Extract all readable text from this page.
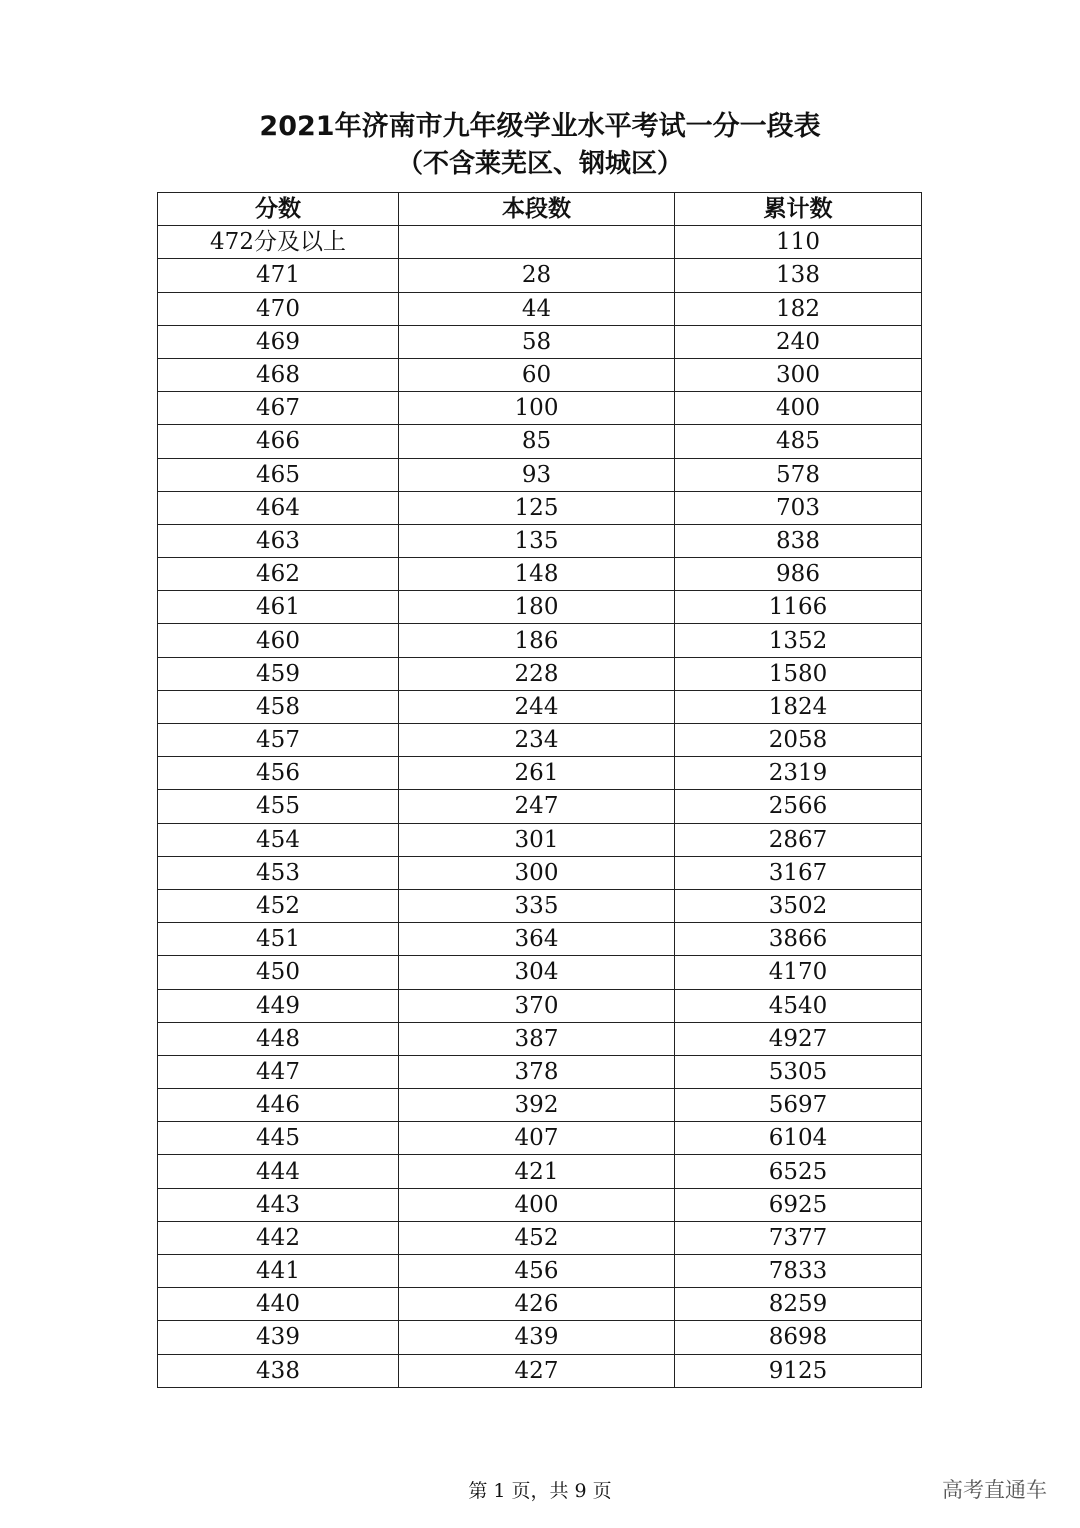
2021年济南市九年级学业水平考试一分一段表
（不含莱芜区、钢城区）
分数	本段数	累计数
472分及以上		110
471	28	138
470	44	182
469	58	240
468	60	300
467	100	400
466	85	485
465	93	578
464	125	703
463	135	838
462	148	986
461	180	1166
460	186	1352
459	228	1580
458	244	1824
457	234	2058
456	261	2319
455	247	2566
454	301	2867
453	300	3167
452	335	3502
451	364	3866
450	304	4170
449	370	4540
448	387	4927
447	378	5305
446	392	5697
445	407	6104
444	421	6525
443	400	6925
442	452	7377
441	456	7833
440	426	8259
439	439	8698
438	427	9125
第 1 页，共 9 页	高考直通车
